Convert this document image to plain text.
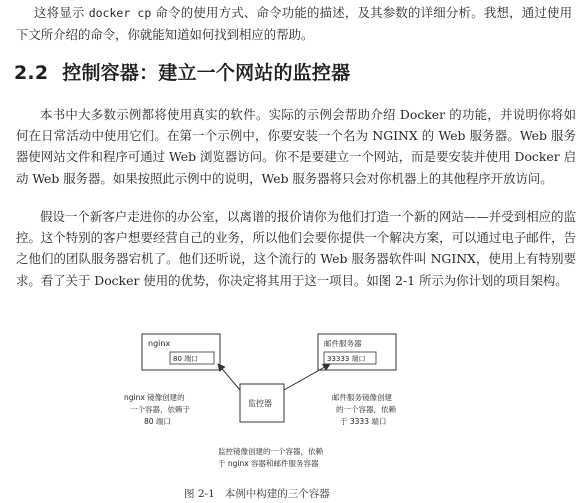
这将显示 docker cp 命令的使用方式、命令功能的描述，及其参数的详细分析。我想，通过使用下文所介绍的命令，你就能知道如何找到相应的帮助。

2.2 控制容器：建立一个网站的监控器

本书中大多数示例都将使用真实的软件。实际的示例会帮助介绍 Docker 的功能，并说明你将如何在日常活动中使用它们。在第一个示例中，你要安装一个名为 NGINX 的 Web 服务器。Web 服务器使网站文件和程序可通过 Web 浏览器访问。你不是要建立一个网站，而是要安装并使用 Docker 启动 Web 服务器。如果按照此示例中的说明，Web 服务器将只会对你机器上的其他程序开放访问。

假设一个新客户走进你的办公室，以离谱的报价请你为他们打造一个新的网站——并受到相应的监控。这个特别的客户想要经营自己的业务，所以他们会要你提供一个解决方案，可以通过电子邮件，告之他们的团队服务器宕机了。他们还听说，这个流行的 Web 服务器软件叫 NGINX，使用上有特别要求。看了关于 Docker 使用的优势，你决定将其用于这一项目。如图 2-1 所示为你计划的项目架构。

nginx
80 端口
邮件服务器
33333 端口
监控器
nginx 镜像创建的 一个容器，依赖于 80 端口
邮件服务镜像创建 的一个容器，依赖 于 3333 端口
监控镜像创建的一个容器，依赖 于 nginx 容器和邮件服务容器
图 2-1 本例中构建的三个容器
